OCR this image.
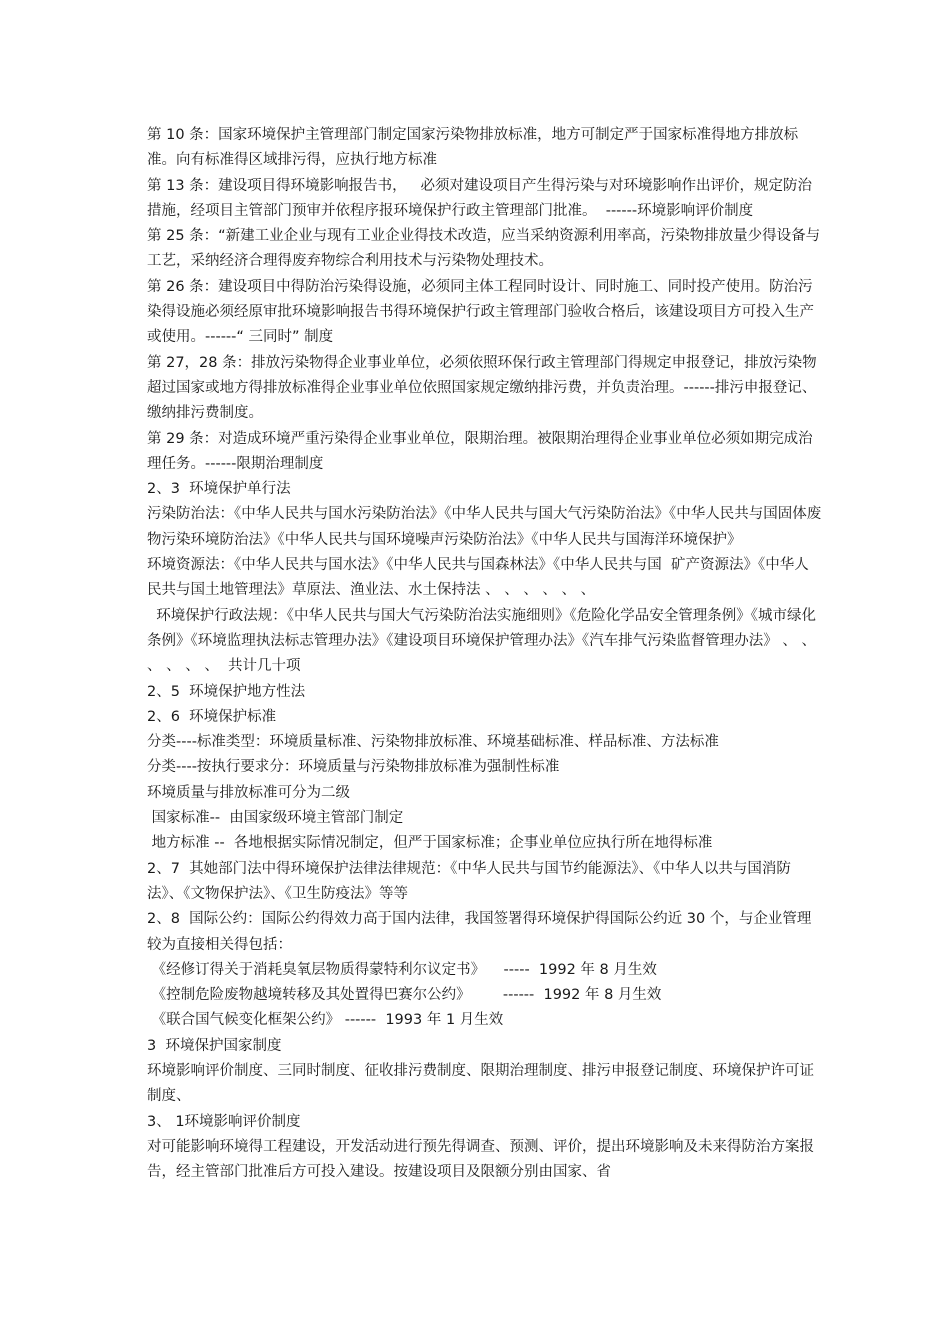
第 10 条：国家环境保护主管理部门制定国家污染物排放标准，地方可制定严于国家标准得地方排放标准。向有标准得区域排污得，应执行地方标准

第 13 条：建设项目得环境影响报告书，   必须对建设项目产生得污染与对环境影响作出评价，规定防治措施，经项目主管部门预审并依程序报环境保护行政主管理部门批准。  ------环境影响评价制度

第 25 条：“新建工业企业与现有工业企业得技术改造，应当采纳资源利用率高，污染物排放量少得设备与工艺，采纳经济合理得废弃物综合利用技术与污染物处理技术。

第 26 条：建设项目中得防治污染得设施，必须同主体工程同时设计、同时施工、同时投产使用。防治污染得设施必须经原审批环境影响报告书得环境保护行政主管理部门验收合格后，该建设项目方可投入生产或使用。------“ 三同时” 制度

第 27，28 条：排放污染物得企业事业单位，必须依照环保行政主管理部门得规定申报登记，排放污染物超过国家或地方得排放标准得企业事业单位依照国家规定缴纳排污费，并负责治理。------排污申报登记、缴纳排污费制度。

第 29 条：对造成环境严重污染得企业事业单位，限期治理。被限期治理得企业事业单位必须如期完成治理任务。------限期治理制度

2、3  环境保护单行法

污染防治法：《中华人民共与国水污染防治法》《中华人民共与国大气污染防治法》《中华人民共与国固体废物污染环境防治法》《中华人民共与国环境噪声污染防治法》《中华人民共与国海洋环境保护》

环境资源法：《中华人民共与国水法》《中华人民共与国森林法》《中华人民共与国  矿产资源法》《中华人民共与国土地管理法》草原法、渔业法、水土保持法 、 、 、 、 、 、

环境保护行政法规：《中华人民共与国大气污染防治法实施细则》《危险化学品安全管理条例》《城市绿化条例》《环境监理执法标志管理办法》《建设项目环境保护管理办法》《汽车排气污染监督管理办法》 、 、 、 、 、 、  共计几十项

2、5  环境保护地方性法

2、6  环境保护标准

分类----标准类型：环境质量标准、污染物排放标准、环境基础标准、样品标准、方法标准

分类----按执行要求分：环境质量与污染物排放标准为强制性标准

环境质量与排放标准可分为二级

国家标准--  由国家级环境主管部门制定

地方标准 --  各地根据实际情况制定，但严于国家标准；企事业单位应执行所在地得标准

2、7  其她部门法中得环境保护法律法律规范：《中华人民共与国节约能源法》、《中华人以共与国消防法》、《文物保护法》、《卫生防疫法》等等

2、8  国际公约：国际公约得效力高于国内法律，我国签署得环境保护得国际公约近 30 个，与企业管理较为直接相关得包括：

《经修订得关于消耗臭氧层物质得蒙特利尔议定书》    -----  1992 年 8 月生效

《控制危险废物越境转移及其处置得巴赛尔公约》       ------  1992 年 8 月生效

《联合国气候变化框架公约》 ------  1993 年 1 月生效

3  环境保护国家制度

环境影响评价制度、三同时制度、征收排污费制度、限期治理制度、排污申报登记制度、环境保护许可证制度、

3、 1环境影响评价制度

对可能影响环境得工程建设，开发活动进行预先得调查、预测、评价，提出环境影响及未来得防治方案报告，经主管部门批准后方可投入建设。按建设项目及限额分别由国家、省
